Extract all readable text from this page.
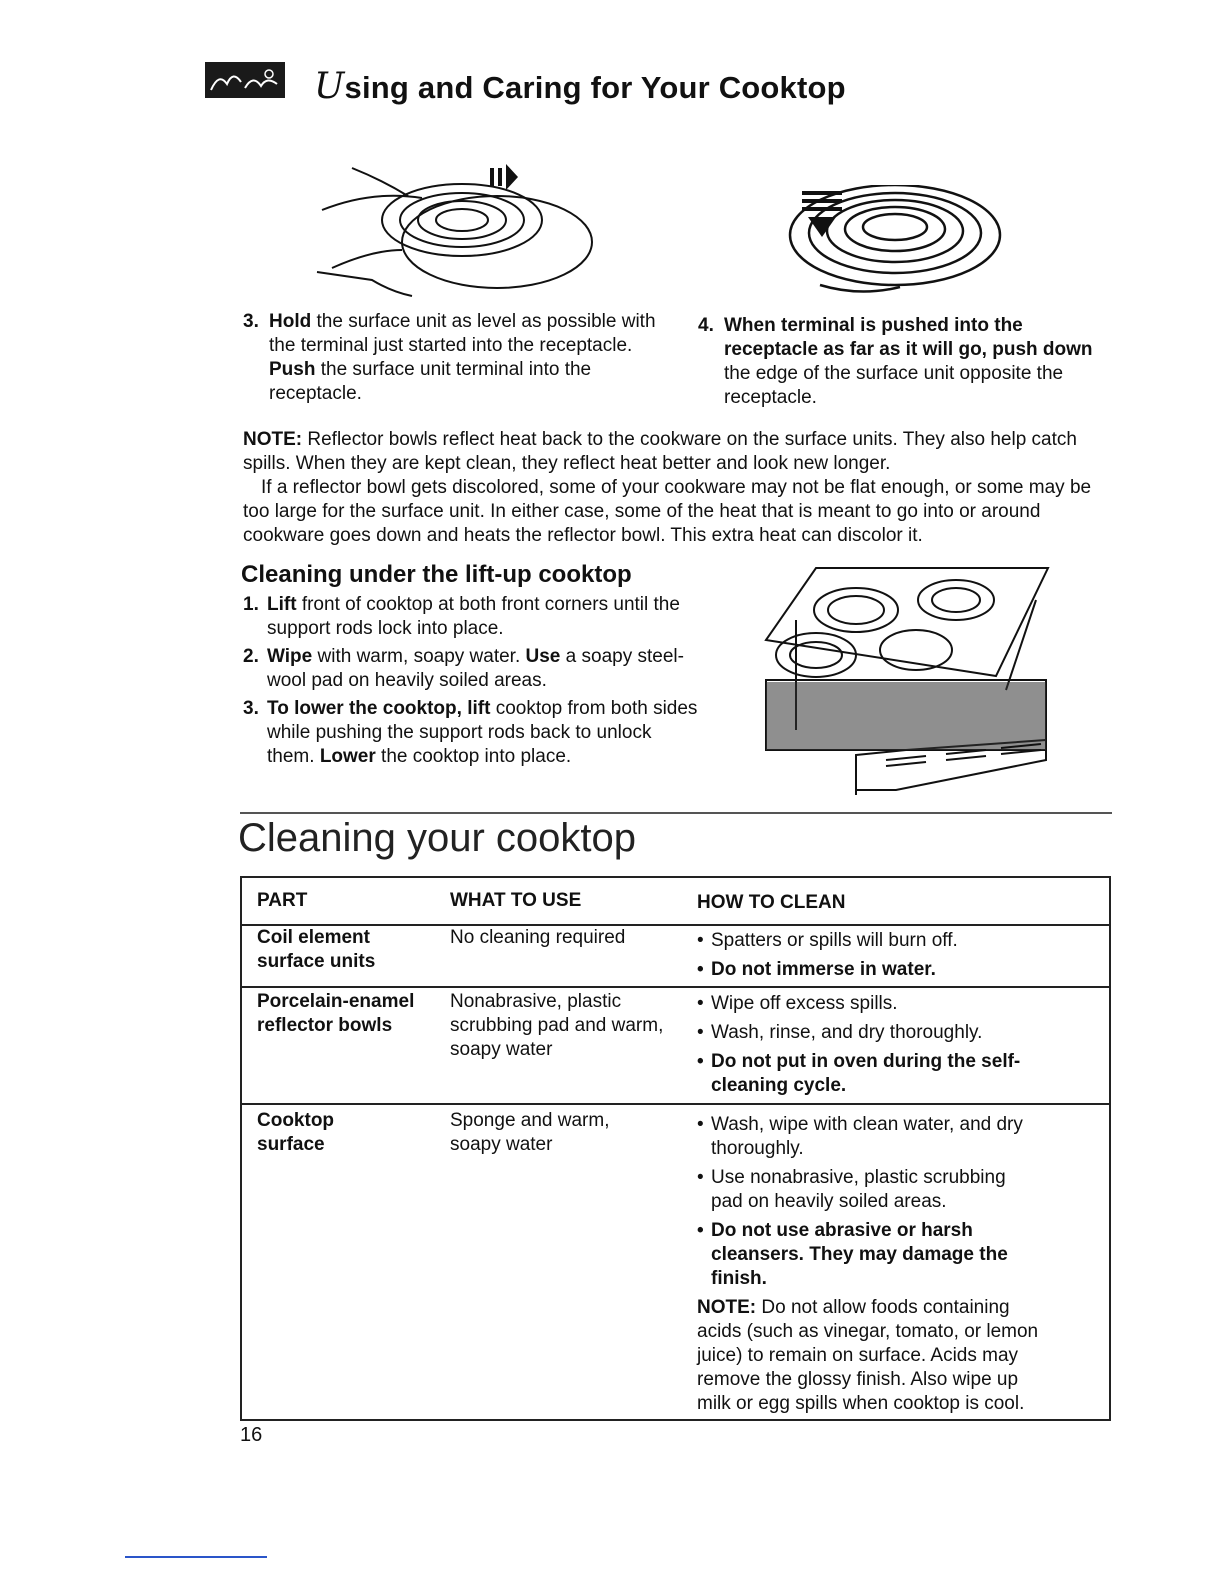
Using and Caring for Your Cooktop
3. Hold the surface unit as level as possible with the terminal just started into the receptacle. Push the surface unit terminal into the receptacle.
4. When terminal is pushed into the receptacle as far as it will go, push down the edge of the surface unit opposite the receptacle.

NOTE: Reflector bowls reflect heat back to the cookware on the surface units. They also help catch spills. When they are kept clean, they reflect heat better and look new longer.

If a reflector bowl gets discolored, some of your cookware may not be flat enough, or some may be too large for the surface unit. In either case, some of the heat that is meant to go into or around cookware goes down and heats the reflector bowl. This extra heat can discolor it.

Cleaning under the lift-up cooktop
1. Lift front of cooktop at both front corners until the support rods lock into place.
2. Wipe with warm, soapy water. Use a soapy steel-wool pad on heavily soiled areas.
3. To lower the cooktop, lift cooktop from both sides while pushing the support rods back to unlock them. Lower the cooktop into place.
Cleaning your cooktop
PART	WHAT TO USE	HOW TO CLEAN
Coil element surface units
No cleaning required
•	Spatters or spills will burn off.
• Do not immerse in water.
Porcelain-enamel reflector bowls
Nonabrasive, plastic scrubbing pad and warm, soapy water
• Wipe off excess spills.
• Wash, rinse, and dry thoroughly.
• Do not put in oven during the self-cleaning cycle.
Cooktop surface
Sponge and warm, soapy water
• Wash, wipe with clean water, and dry thoroughly.
• Use nonabrasive, plastic scrubbing pad on heavily soiled areas.
• Do not use abrasive or harsh cleansers. They may damage the finish.
NOTE: Do not allow foods containing acids (such as vinegar, tomato, or lemon juice) to remain on surface. Acids may remove the glossy finish. Also wipe up milk or egg spills when cooktop is cool.
16
